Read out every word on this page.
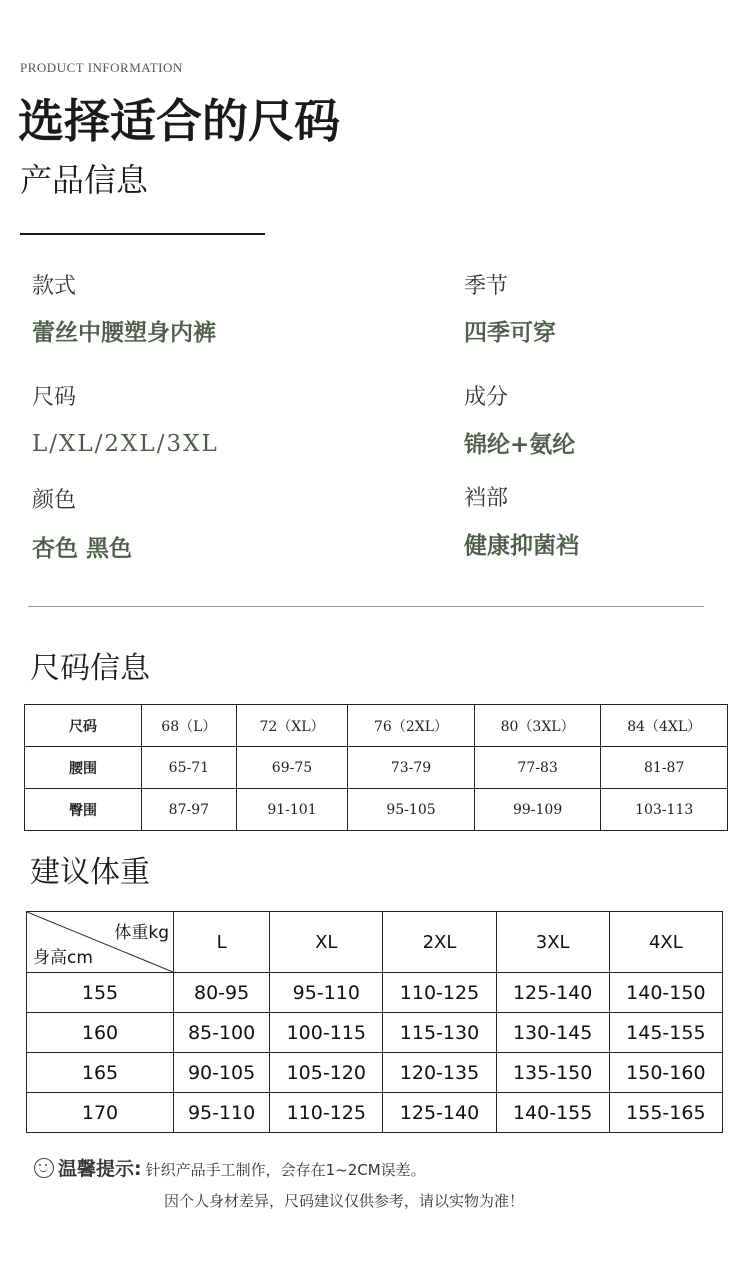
PRODUCT INFORMATION
选择适合的尺码
产品信息
款式
蕾丝中腰塑身内裤
季节
四季可穿
尺码
L/XL/2XL/3XL
成分
锦纶+氨纶
颜色
杏色 黑色
裆部
健康抑菌裆
尺码信息
尺码	68（L）	72（XL）	76（2XL）	80（3XL）	84（4XL）
腰围	65-71	69-75	73-79	77-83	81-87
臀围	87-97	91-101	95-105	99-109	103-113
建议体重
体重kg
身高cm	L	XL	2XL	3XL	4XL
155	80-95	95-110	110-125	125-140	140-150
160	85-100	100-115	115-130	130-145	145-155
165	90-105	105-120	120-135	135-150	150-160
170	95-110	110-125	125-140	140-155	155-165
温馨提示: 针织产品手工制作，会存在1~2CM误差。
因个人身材差异，尺码建议仅供参考，请以实物为准！
